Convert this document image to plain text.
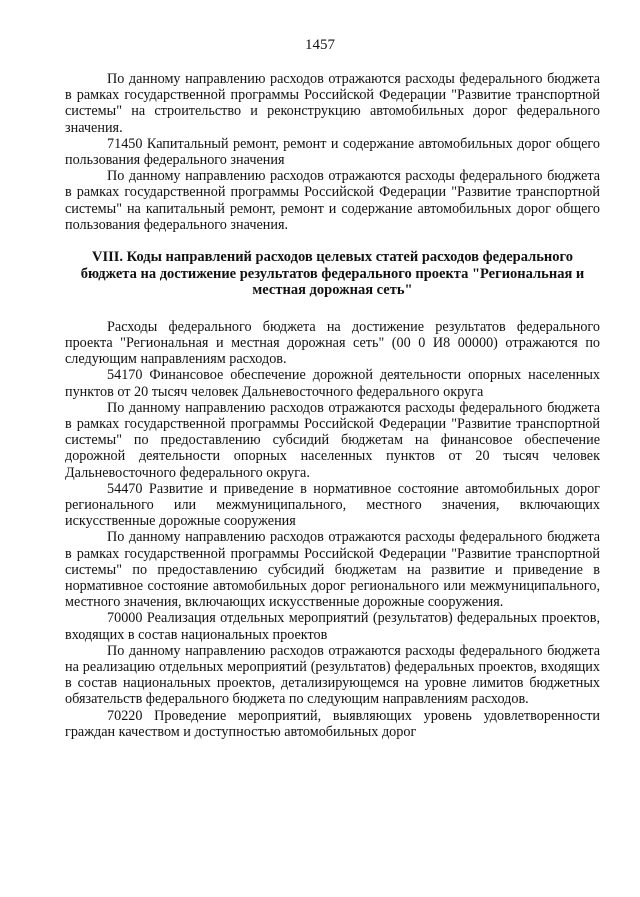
1457

По данному направлению расходов отражаются расходы федерального бюджета в рамках государственной программы Российской Федерации "Развитие транспортной системы" на строительство и реконструкцию автомобильных дорог федерального значения.

71450 Капитальный ремонт, ремонт и содержание автомобильных дорог общего пользования федерального значения

По данному направлению расходов отражаются расходы федерального бюджета в рамках государственной программы Российской Федерации "Развитие транспортной системы" на капитальный ремонт, ремонт и содержание автомобильных дорог общего пользования федерального значения.

VIII. Коды направлений расходов целевых статей расходов федерального бюджета на достижение результатов федерального проекта "Региональная и местная дорожная сеть"

Расходы федерального бюджета на достижение результатов федерального проекта "Региональная и местная дорожная сеть" (00 0 И8 00000) отражаются по следующим направлениям расходов.

54170 Финансовое обеспечение дорожной деятельности опорных населенных пунктов от 20 тысяч человек Дальневосточного федерального округа

По данному направлению расходов отражаются расходы федерального бюджета в рамках государственной программы Российской Федерации "Развитие транспортной системы" по предоставлению субсидий бюджетам на финансовое обеспечение дорожной деятельности опорных населенных пунктов от 20 тысяч человек Дальневосточного федерального округа.

54470 Развитие и приведение в нормативное состояние автомобильных дорог регионального или межмуниципального, местного значения, включающих искусственные дорожные сооружения

По данному направлению расходов отражаются расходы федерального бюджета в рамках государственной программы Российской Федерации "Развитие транспортной системы" по предоставлению субсидий бюджетам на развитие и приведение в нормативное состояние автомобильных дорог регионального или межмуниципального, местного значения, включающих искусственные дорожные сооружения.

70000 Реализация отдельных мероприятий (результатов) федеральных проектов, входящих в состав национальных проектов

По данному направлению расходов отражаются расходы федерального бюджета на реализацию отдельных мероприятий (результатов) федеральных проектов, входящих в состав национальных проектов, детализирующемся на уровне лимитов бюджетных обязательств федерального бюджета по следующим направлениям расходов.

70220 Проведение мероприятий, выявляющих уровень удовлетворенности граждан качеством и доступностью автомобильных дорог
